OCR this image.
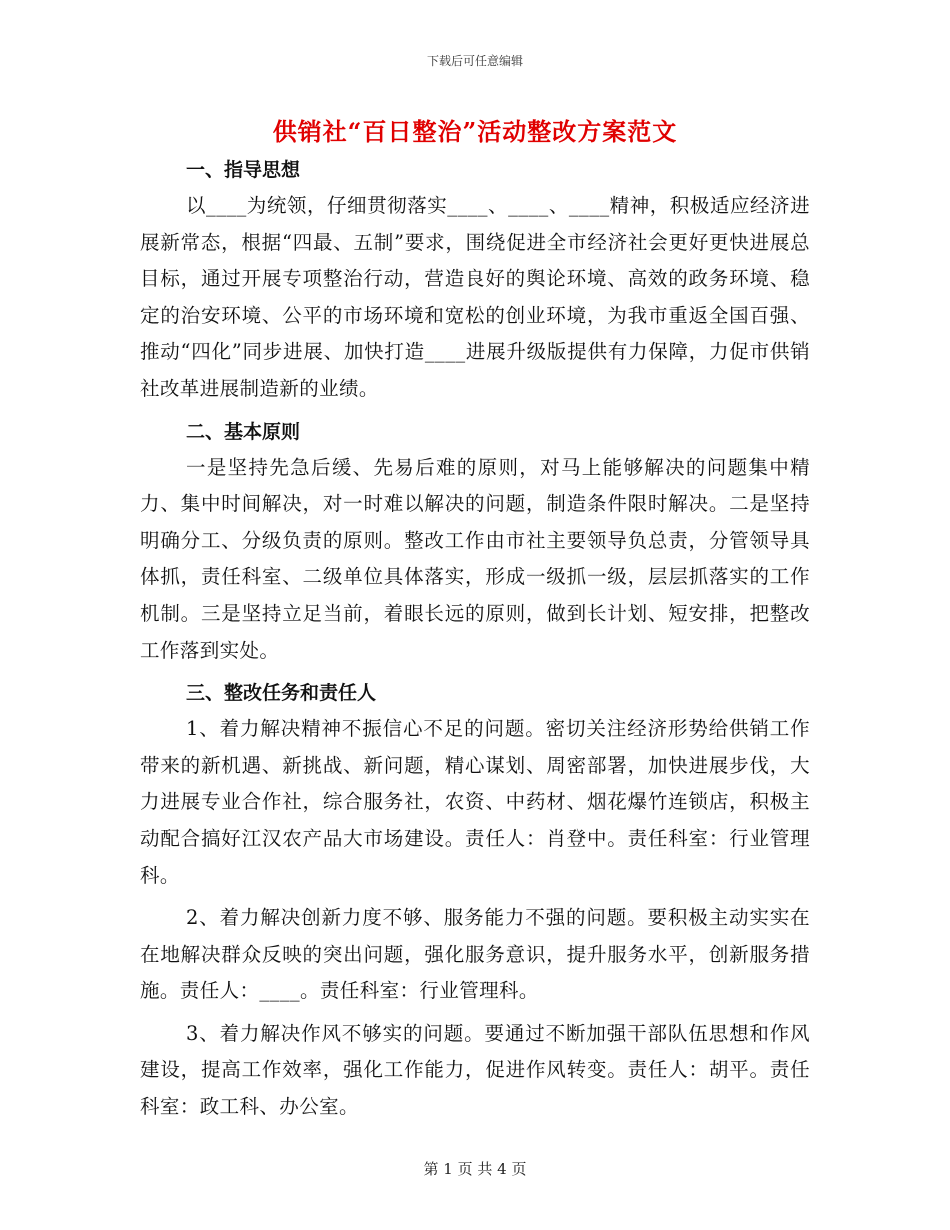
下载后可任意编辑
供销社“百日整治”活动整改方案范文
一、指导思想

以____为统领，仔细贯彻落实____、____、____精神，积极适应经济进展新常态，根据“四最、五制”要求，围绕促进全市经济社会更好更快进展总目标，通过开展专项整治行动，营造良好的舆论环境、高效的政务环境、稳定的治安环境、公平的市场环境和宽松的创业环境，为我市重返全国百强、推动“四化”同步进展、加快打造____进展升级版提供有力保障，力促市供销社改革进展制造新的业绩。

二、基本原则

一是坚持先急后缓、先易后难的原则，对马上能够解决的问题集中精力、集中时间解决，对一时难以解决的问题，制造条件限时解决。二是坚持明确分工、分级负责的原则。整改工作由市社主要领导负总责，分管领导具体抓，责任科室、二级单位具体落实，形成一级抓一级，层层抓落实的工作机制。三是坚持立足当前，着眼长远的原则，做到长计划、短安排，把整改工作落到实处。

三、整改任务和责任人

1、着力解决精神不振信心不足的问题。密切关注经济形势给供销工作带来的新机遇、新挑战、新问题，精心谋划、周密部署，加快进展步伐，大力进展专业合作社，综合服务社，农资、中药材、烟花爆竹连锁店，积极主动配合搞好江汉农产品大市场建设。责任人：肖登中。责任科室：行业管理科。

2、着力解决创新力度不够、服务能力不强的问题。要积极主动实实在在地解决群众反映的突出问题，强化服务意识，提升服务水平，创新服务措施。责任人：____。责任科室：行业管理科。

3、着力解决作风不够实的问题。要通过不断加强干部队伍思想和作风建设，提高工作效率，强化工作能力，促进作风转变。责任人：胡平。责任科室：政工科、办公室。

第 1 页 共 4 页
